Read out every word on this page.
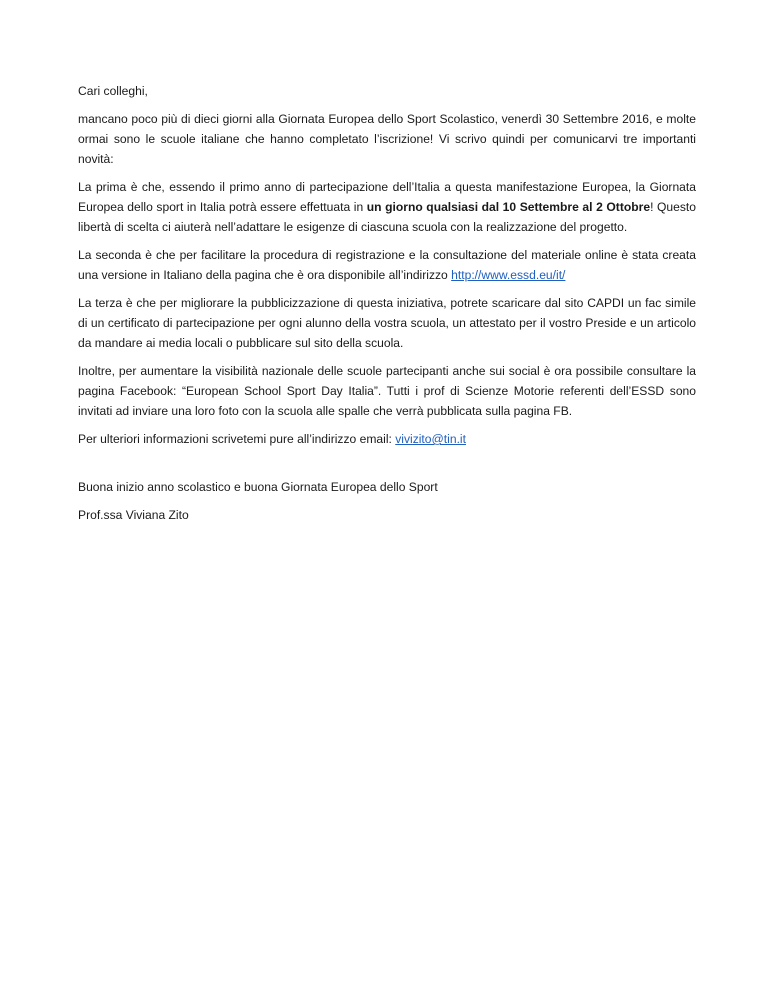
Cari colleghi,

mancano poco più di dieci giorni alla Giornata Europea dello Sport Scolastico, venerdì 30 Settembre 2016, e molte ormai sono le scuole italiane che hanno completato l’iscrizione! Vi scrivo quindi per comunicarvi tre importanti novità:

La prima è che, essendo il primo anno di partecipazione dell’Italia a questa manifestazione Europea, la Giornata Europea dello sport in Italia potrà essere effettuata in un giorno qualsiasi dal 10 Settembre al 2 Ottobre! Questo libertà di scelta ci aiuterà nell’adattare le esigenze di ciascuna scuola con la realizzazione del progetto.

La seconda è che per facilitare la procedura di registrazione e la consultazione del materiale online è stata creata una versione in Italiano della pagina che è ora disponibile all’indirizzo http://www.essd.eu/it/

La terza è che per migliorare la pubblicizzazione di questa iniziativa, potrete scaricare dal sito CAPDI un fac simile di un certificato di partecipazione per ogni alunno della vostra scuola, un attestato per il vostro Preside e un articolo da mandare ai media locali o pubblicare sul sito della scuola.

Inoltre, per aumentare la visibilità nazionale delle scuole partecipanti anche sui social è ora possibile consultare la pagina Facebook: “European School Sport Day Italia”. Tutti i prof di Scienze Motorie referenti dell’ESSD sono invitati ad inviare una loro foto con la scuola alle spalle che verrà pubblicata sulla pagina FB.

Per ulteriori informazioni scrivetemi pure all’indirizzo email: vivizito@tin.it

Buona inizio anno scolastico e buona Giornata Europea dello Sport

Prof.ssa Viviana Zito
